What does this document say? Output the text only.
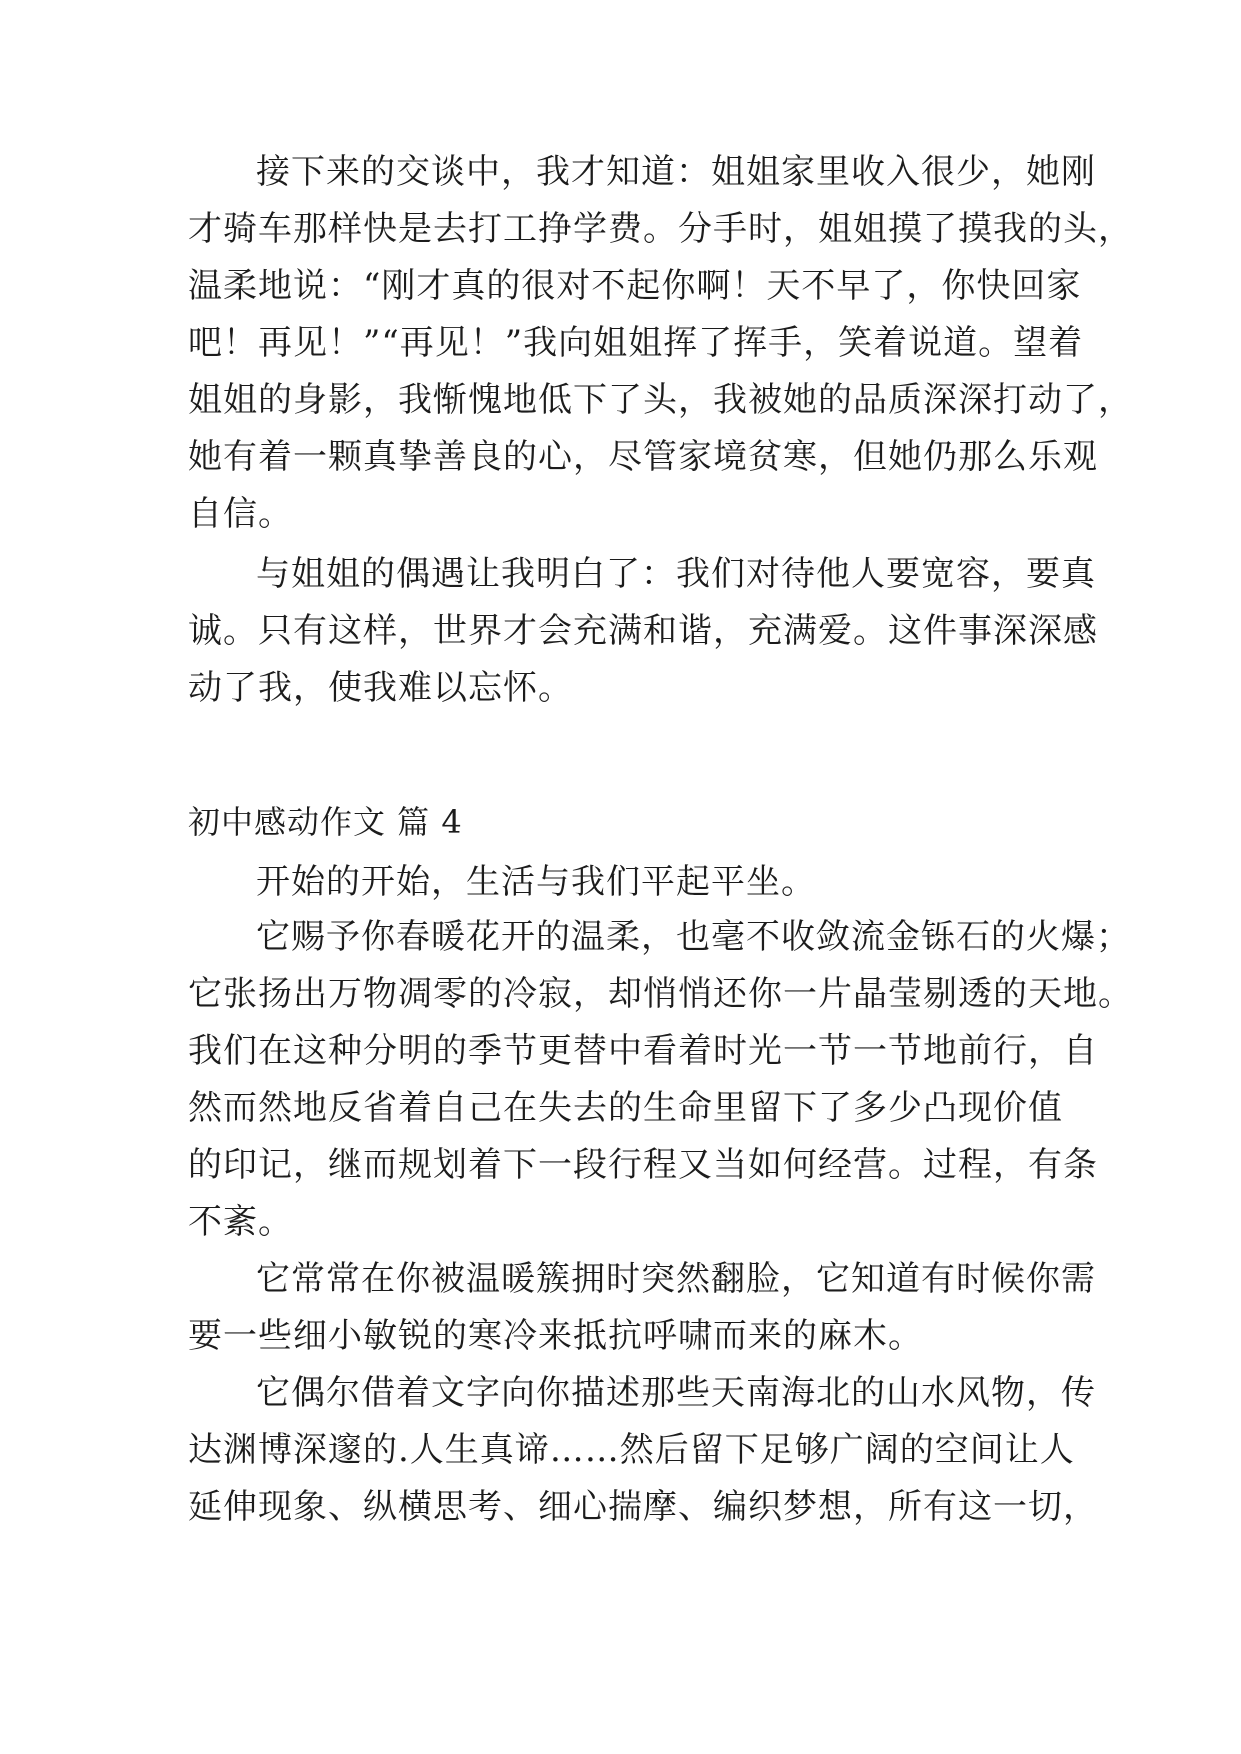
接下来的交谈中，我才知道：姐姐家里收入很少，她刚
才骑车那样快是去打工挣学费。分手时，姐姐摸了摸我的头，
温柔地说：“刚才真的很对不起你啊！天不早了，你快回家
吧！再见！”“再见！”我向姐姐挥了挥手，笑着说道。望着
姐姐的身影，我惭愧地低下了头，我被她的品质深深打动了，
她有着一颗真挚善良的心，尽管家境贫寒，但她仍那么乐观
自信。
与姐姐的偶遇让我明白了：我们对待他人要宽容，要真
诚。只有这样，世界才会充满和谐，充满爱。这件事深深感
动了我，使我难以忘怀。
初中感动作文 篇 4
开始的开始，生活与我们平起平坐。
它赐予你春暖花开的温柔，也毫不收敛流金铄石的火爆；
它张扬出万物凋零的冷寂，却悄悄还你一片晶莹剔透的天地。
我们在这种分明的季节更替中看着时光一节一节地前行，自
然而然地反省着自己在失去的生命里留下了多少凸现价值
的印记，继而规划着下一段行程又当如何经营。过程，有条
不紊。
它常常在你被温暖簇拥时突然翻脸，它知道有时候你需
要一些细小敏锐的寒冷来抵抗呼啸而来的麻木。
它偶尔借着文字向你描述那些天南海北的山水风物，传
达渊博深邃的.人生真谛……然后留下足够广阔的空间让人
延伸现象、纵横思考、细心揣摩、编织梦想，所有这一切，
